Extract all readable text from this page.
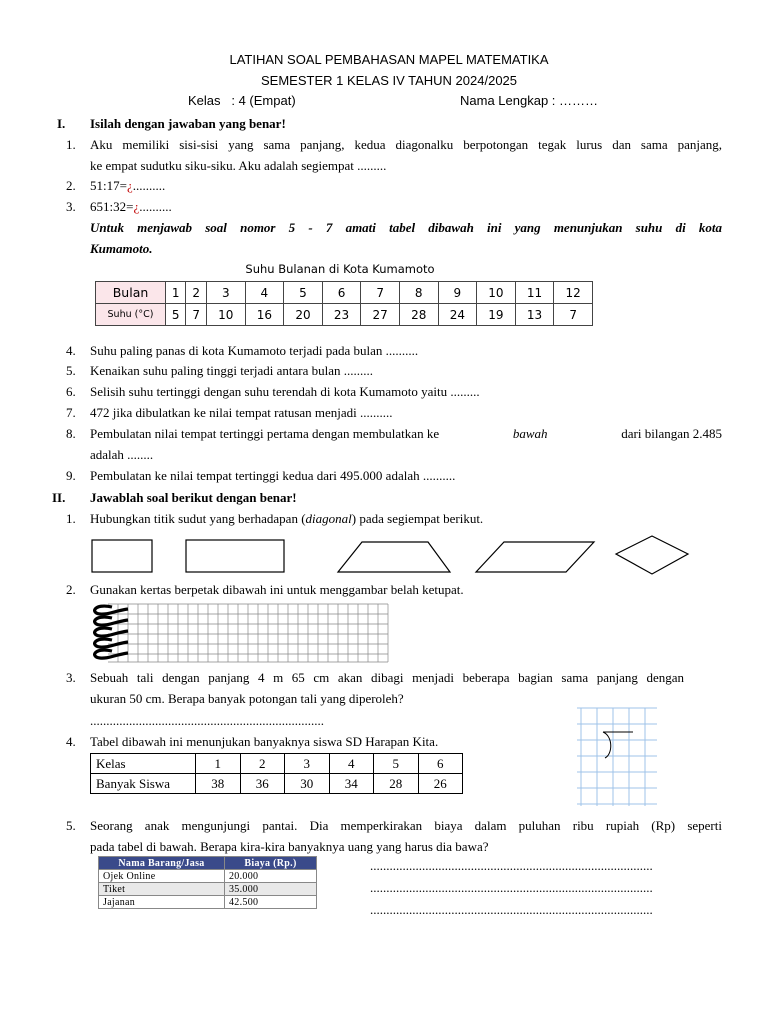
LATIHAN SOAL PEMBAHASAN MAPEL MATEMATIKA
SEMESTER 1 KELAS IV TAHUN 2024/2025
Kelas   : 4 (Empat)	Nama Lengkap : ………
I. Isilah dengan jawaban yang benar!
1. Aku memiliki sisi-sisi yang sama panjang, kedua diagonalku berpotongan tegak lurus dan sama panjang,
ke empat sudutku siku-siku. Aku adalah segiempat .........
2. 51:17=¿..........
3. 651:32=¿..........
Untuk menjawab soal nomor 5 - 7 amati tabel dibawah ini yang menunjukan suhu di kota
Kumamoto.
Suhu Bulanan di Kota Kumamoto
Bulan	1	2	3	4	5	6	7	8	9	10	11	12
Suhu (°C)	5	7	10	16	20	23	27	28	24	19	13	7
4. Suhu paling panas di kota Kumamoto terjadi pada bulan ..........
5. Kenaikan suhu paling tinggi terjadi antara bulan .........
6. Selisih suhu tertinggi dengan suhu terendah di kota Kumamoto yaitu .........
7. 472 jika dibulatkan ke nilai tempat ratusan menjadi ..........
8. Pembulatan nilai tempat tertinggi pertama dengan membulatkan ke	bawah	dari bilangan 2.485
adalah ........
9. Pembulatan ke nilai tempat tertinggi kedua dari 495.000 adalah ..........
II. Jawablah soal berikut dengan benar!
1. Hubungkan titik sudut yang berhadapan (diagonal) pada segiempat berikut.
2. Gunakan kertas berpetak dibawah ini untuk menggambar belah ketupat.
3. Sebuah tali dengan panjang 4 m 65 cm akan dibagi menjadi beberapa bagian sama panjang dengan
ukuran 50 cm. Berapa banyak potongan tali yang diperoleh?
........................................................................
4. Tabel dibawah ini menunjukan banyaknya siswa SD Harapan Kita.
Kelas	1	2	3	4	5	6
Banyak Siswa	38	36	30	34	28	26
5. Seorang anak mengunjungi pantai. Dia memperkirakan biaya dalam puluhan ribu rupiah (Rp) seperti
pada tabel di bawah. Berapa kira-kira banyaknya uang yang harus dia bawa?
Nama Barang/Jasa	Biaya (Rp.)
Ojek Online	20.000
Tiket	35.000
Jajanan	42.500
.......................................................................................
.......................................................................................
.......................................................................................
